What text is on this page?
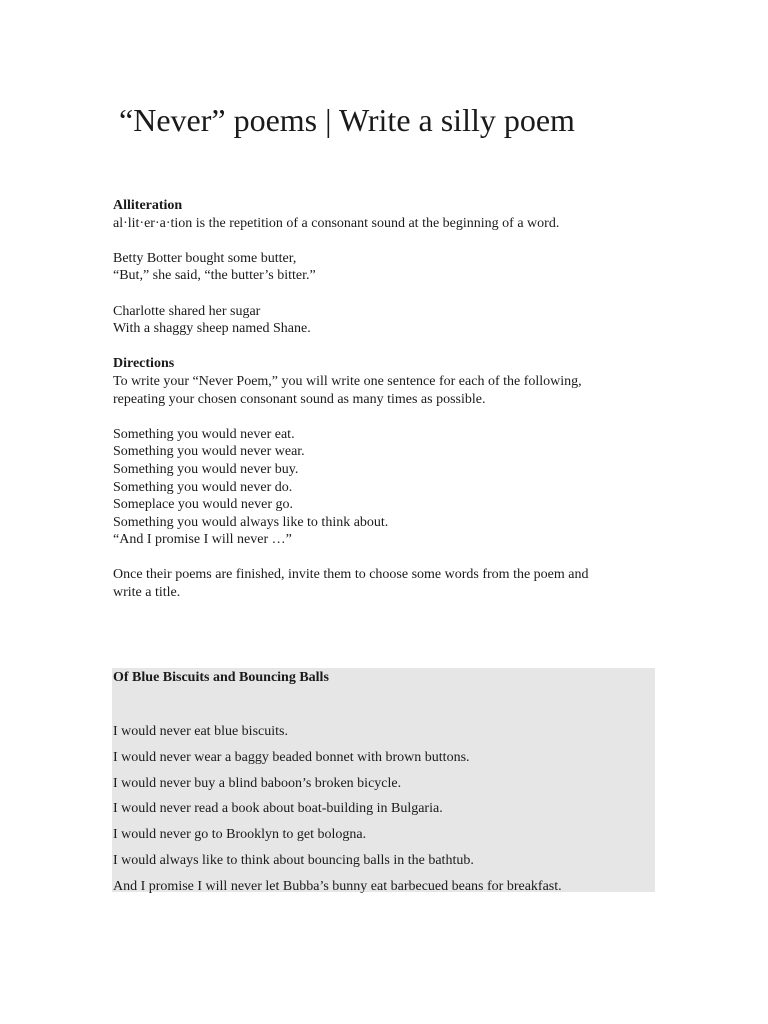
“Never” poems | Write a silly poem

Alliteration

al·lit·er·a·tion is the repetition of a consonant sound at the beginning of a word.

Betty Botter bought some butter,

“But,” she said, “the butter’s bitter.”

Charlotte shared her sugar

With a shaggy sheep named Shane.

Directions

To write your “Never Poem,” you will write one sentence for each of the following,

repeating your chosen consonant sound as many times as possible.

Something you would never eat.

Something you would never wear.

Something you would never buy.

Something you would never do.

Someplace you would never go.

Something you would always like to think about.

“And I promise I will never …”

Once their poems are finished, invite them to choose some words from the poem and

write a title.

Of Blue Biscuits and Bouncing Balls
I would never eat blue biscuits.
I would never wear a baggy beaded bonnet with brown buttons.
I would never buy a blind baboon’s broken bicycle.
I would never read a book about boat-building in Bulgaria.
I would never go to Brooklyn to get bologna.
I would always like to think about bouncing balls in the bathtub.
And I promise I will never let Bubba’s bunny eat barbecued beans for breakfast.
